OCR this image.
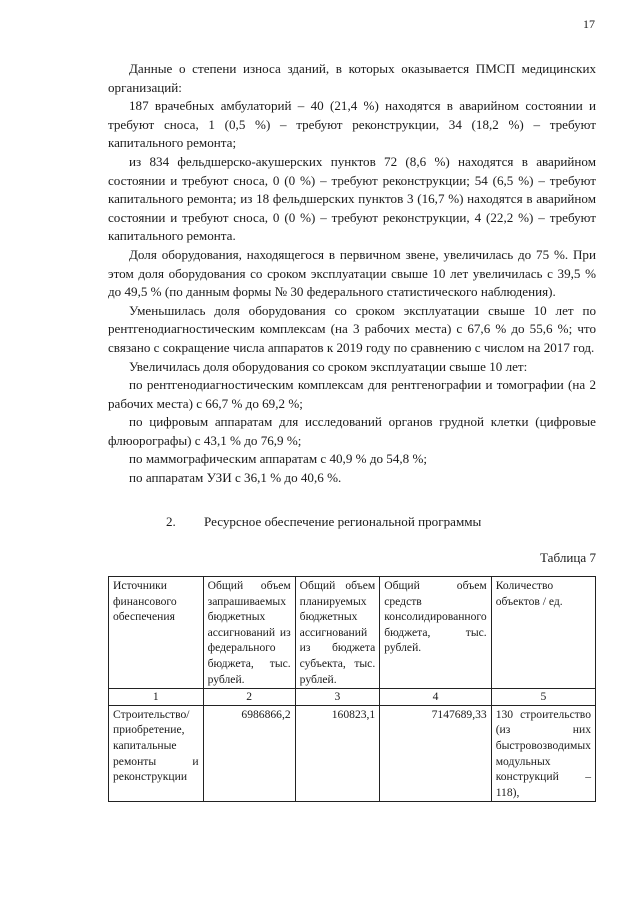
17

Данные о степени износа зданий, в которых оказывается ПМСП медицинских организаций:

187 врачебных амбулаторий – 40 (21,4 %) находятся в аварийном состоянии и требуют сноса, 1 (0,5 %) – требуют реконструкции, 34 (18,2 %) – требуют капитального ремонта;

из 834 фельдшерско-акушерских пунктов 72 (8,6 %) находятся в аварийном состоянии и требуют сноса, 0 (0 %) – требуют реконструкции; 54 (6,5 %) – требуют капитального ремонта; из 18 фельдшерских пунктов 3 (16,7 %) находятся в аварийном состоянии и требуют сноса, 0 (0 %) – требуют реконструкции, 4 (22,2 %) – требуют капитального ремонта.

Доля оборудования, находящегося в первичном звене, увеличилась до 75 %. При этом доля оборудования со сроком эксплуатации свыше 10 лет увеличилась с 39,5 % до 49,5 % (по данным формы № 30 федерального статистического наблюдения).

Уменьшилась доля оборудования со сроком эксплуатации свыше 10 лет по рентгенодиагностическим комплексам (на 3 рабочих места) с 67,6 % до 55,6 %; что связано с сокращение числа аппаратов к 2019 году по сравнению с числом на 2017 год.

Увеличилась доля оборудования со сроком эксплуатации свыше 10 лет:

по рентгенодиагностическим комплексам для рентгенографии и томографии (на 2 рабочих места) с 66,7 % до 69,2 %;

по цифровым аппаратам для исследований органов грудной клетки (цифровые флюорографы) с 43,1 % до 76,9 %;

по маммографическим аппаратам с 40,9 % до 54,8 %;

по аппаратам УЗИ с 36,1 % до 40,6 %.

2. Ресурсное обеспечение региональной программы
Таблица 7
Источники финансового обеспечения	Общий объем запрашиваемых бюджетных ассигнований из федерального бюджета, тыс. рублей.	Общий объем планируемых бюджетных ассигнований из бюджета субъекта, тыс. рублей.	Общий объем средств консолидированного бюджета, тыс. рублей.	Количество объектов / ед.
1	2	3	4	5
Строительство/ приобретение, капитальные ремонты и реконструкции	6986866,2	160823,1	7147689,33	130 строительство (из них быстровозводимых модульных конструкций – 118),
